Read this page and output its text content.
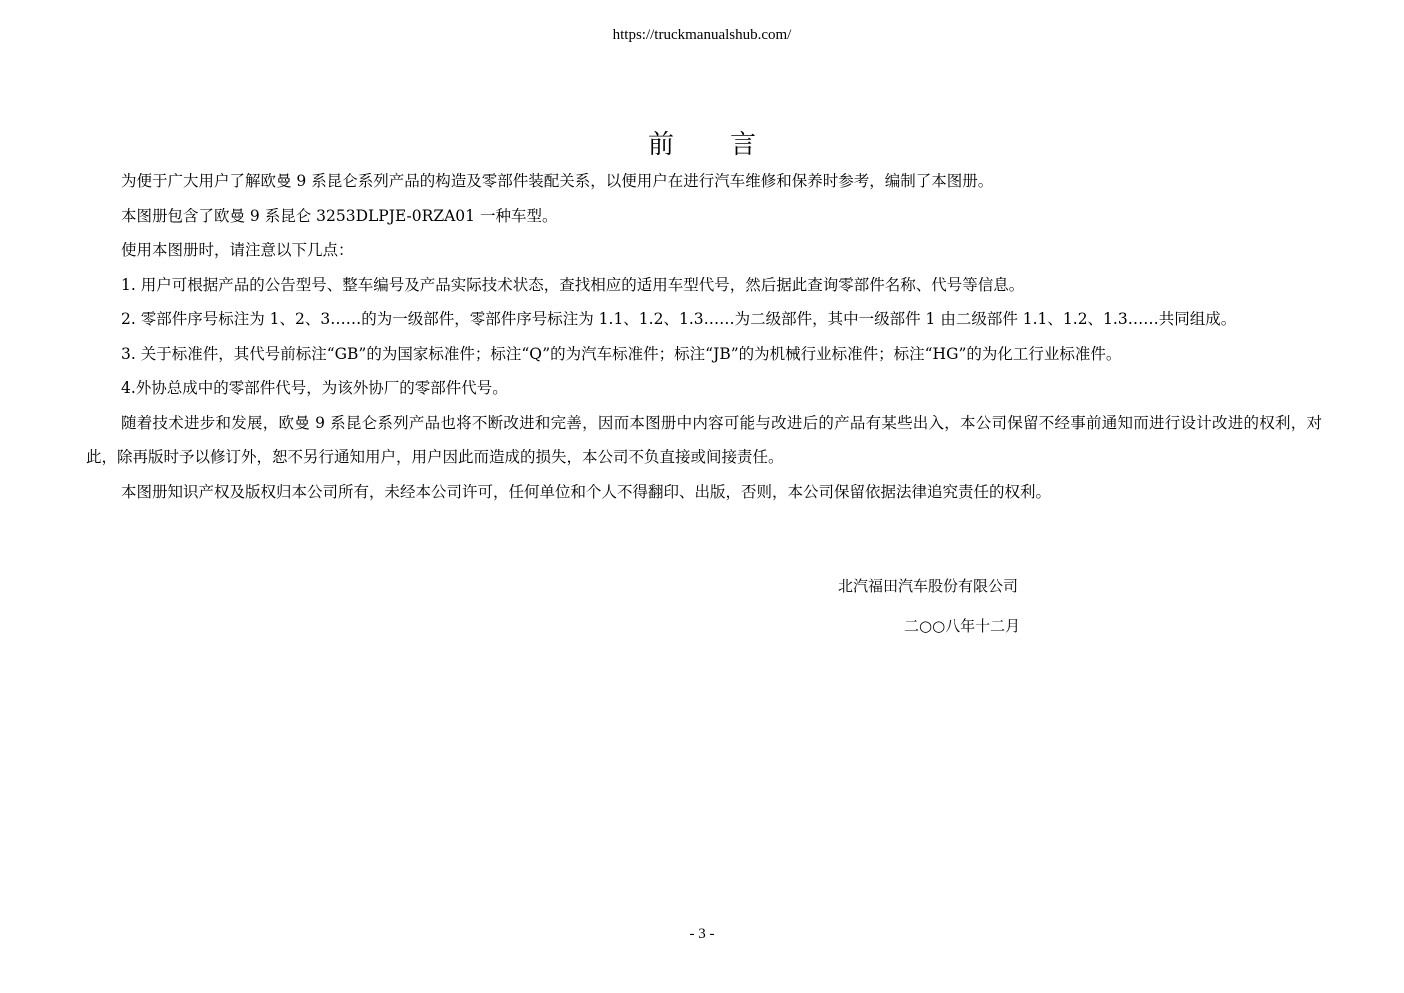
https://truckmanualshub.com/
前 言

为便于广大用户了解欧曼 9 系昆仑系列产品的构造及零部件装配关系，以便用户在进行汽车维修和保养时参考，编制了本图册。

本图册包含了欧曼 9 系昆仑 3253DLPJE-0RZA01 一种车型。

使用本图册时，请注意以下几点：

1. 用户可根据产品的公告型号、整车编号及产品实际技术状态，查找相应的适用车型代号，然后据此查询零部件名称、代号等信息。

2. 零部件序号标注为 1、2、3……的为一级部件，零部件序号标注为 1.1、1.2、1.3……为二级部件，其中一级部件 1 由二级部件 1.1、1.2、1.3……共同组成。

3. 关于标准件，其代号前标注“GB”的为国家标准件；标注“Q”的为汽车标准件；标注“JB”的为机械行业标准件；标注“HG”的为化工行业标准件。

4.外协总成中的零部件代号，为该外协厂的零部件代号。

随着技术进步和发展，欧曼 9 系昆仑系列产品也将不断改进和完善，因而本图册中内容可能与改进后的产品有某些出入，本公司保留不经事前通知而进行设计改进的权利，对此，除再版时予以修订外，恕不另行通知用户，用户因此而造成的损失，本公司不负直接或间接责任。

本图册知识产权及版权归本公司所有，未经本公司许可，任何单位和个人不得翻印、出版，否则，本公司保留依据法律追究责任的权利。

北汽福田汽车股份有限公司
二○○八年十二月
- 3 -
